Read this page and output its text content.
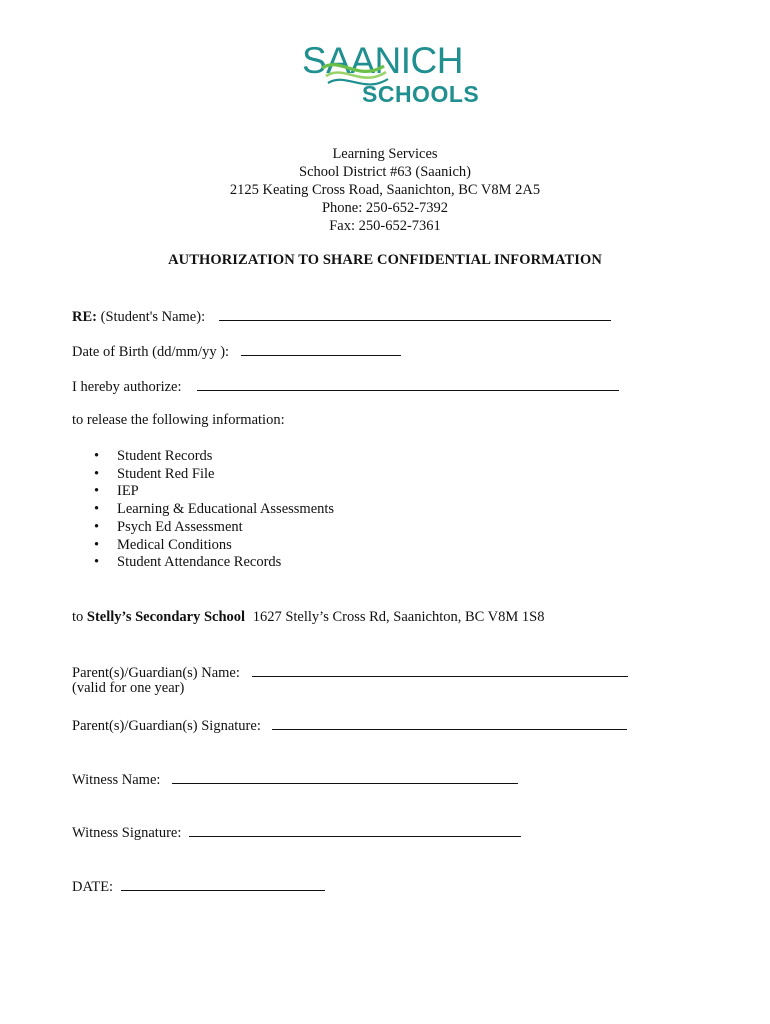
SAANICH
SCHOOLS
Learning Services
School District #63 (Saanich)
2125 Keating Cross Road, Saanichton, BC V8M 2A5
Phone: 250-652-7392
Fax: 250-652-7361
AUTHORIZATION TO SHARE CONFIDENTIAL INFORMATION
RE: (Student's Name):
Date of Birth (dd/mm/yy ):
I hereby authorize:
to release the following information:
• Student Records
• Student Red File
• IEP
• Learning & Educational Assessments
• Psych Ed Assessment
• Medical Conditions
• Student Attendance Records
to Stelly’s Secondary School 1627 Stelly’s Cross Rd, Saanichton, BC V8M 1S8
Parent(s)/Guardian(s) Name:
(valid for one year)
Parent(s)/Guardian(s) Signature:
Witness Name:
Witness Signature:
DATE:
